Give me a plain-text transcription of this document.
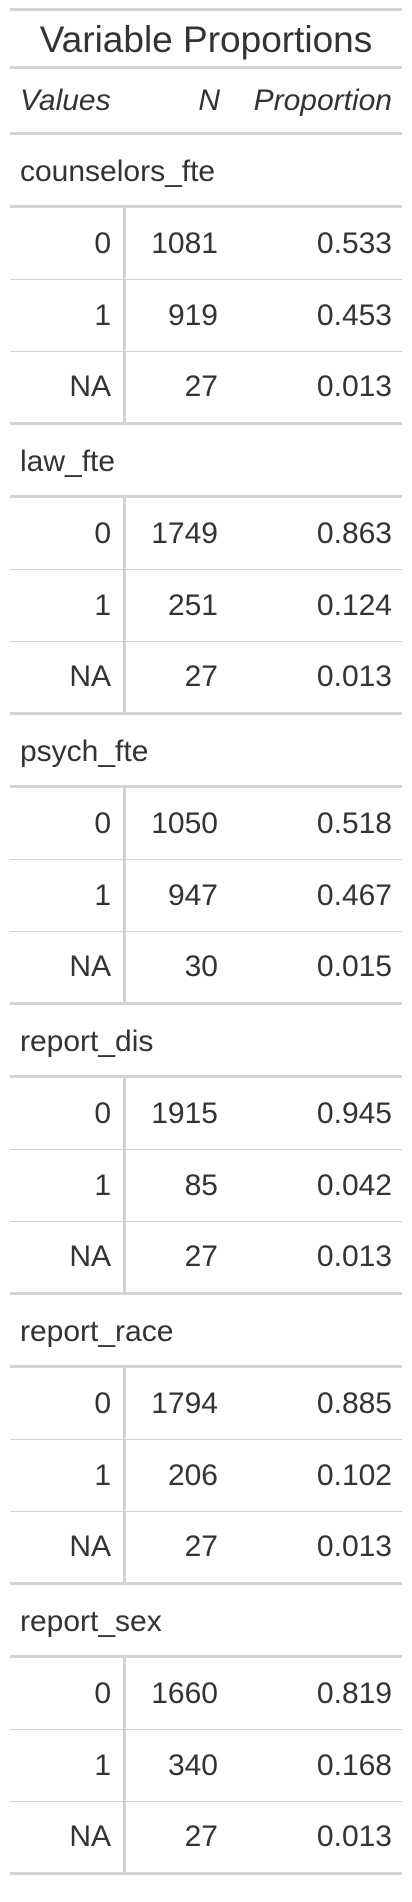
Variable Proportions
Values	N	Proportion
counselors_fte
0	1081	0.533
1	919	0.453
NA	27	0.013
law_fte
0	1749	0.863
1	251	0.124
NA	27	0.013
psych_fte
0	1050	0.518
1	947	0.467
NA	30	0.015
report_dis
0	1915	0.945
1	85	0.042
NA	27	0.013
report_race
0	1794	0.885
1	206	0.102
NA	27	0.013
report_sex
0	1660	0.819
1	340	0.168
NA	27	0.013
